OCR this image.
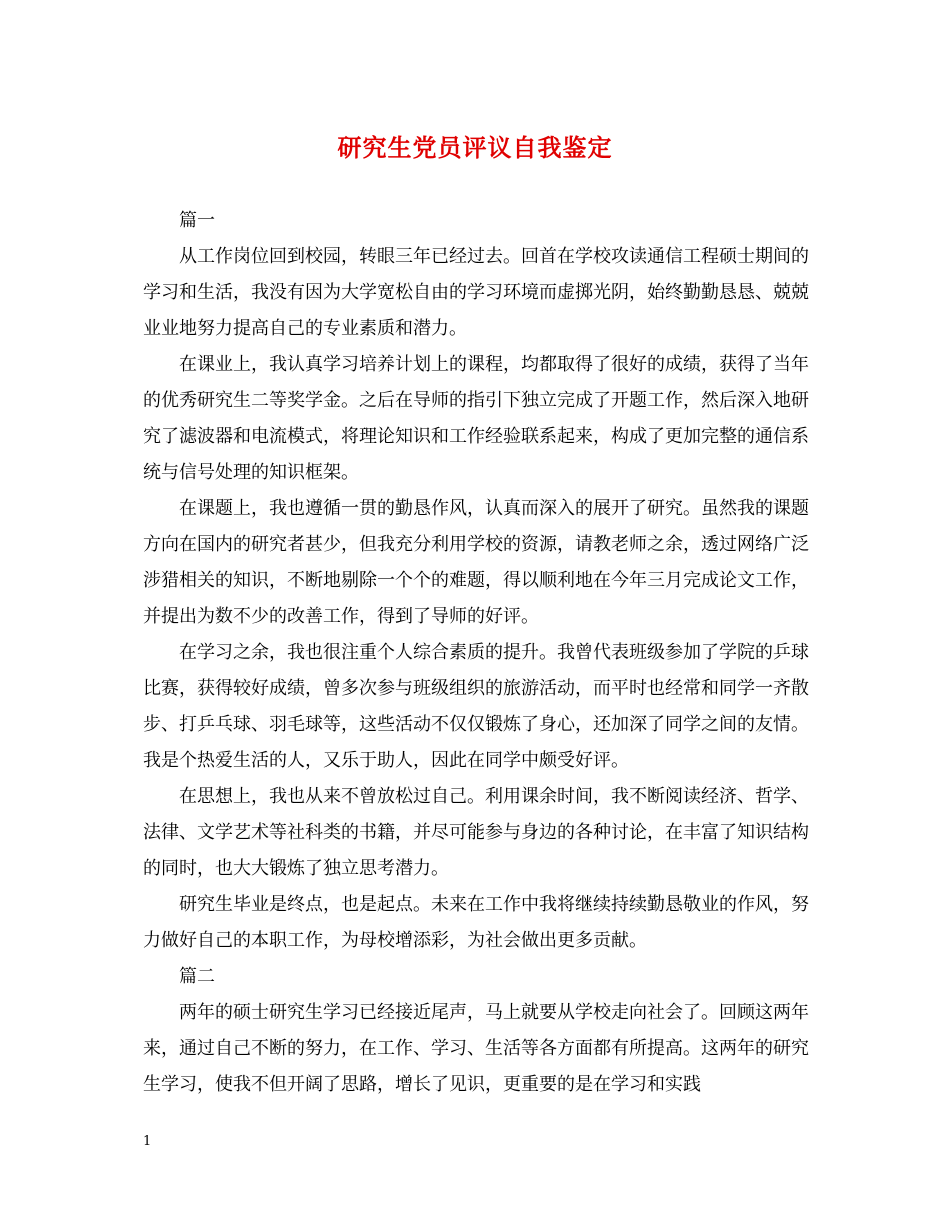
研究生党员评议自我鉴定

篇一

从工作岗位回到校园，转眼三年已经过去。回首在学校攻读通信工程硕士期间的学习和生活，我没有因为大学宽松自由的学习环境而虚掷光阴，始终勤勤恳恳、兢兢业业地努力提高自己的专业素质和潜力。

在课业上，我认真学习培养计划上的课程，均都取得了很好的成绩，获得了当年的优秀研究生二等奖学金。之后在导师的指引下独立完成了开题工作，然后深入地研究了滤波器和电流模式，将理论知识和工作经验联系起来，构成了更加完整的通信系统与信号处理的知识框架。

在课题上，我也遵循一贯的勤恳作风，认真而深入的展开了研究。虽然我的课题方向在国内的研究者甚少，但我充分利用学校的资源，请教老师之余，透过网络广泛涉猎相关的知识，不断地剔除一个个的难题，得以顺利地在今年三月完成论文工作，并提出为数不少的改善工作，得到了导师的好评。

在学习之余，我也很注重个人综合素质的提升。我曾代表班级参加了学院的乒球比赛，获得较好成绩，曾多次参与班级组织的旅游活动，而平时也经常和同学一齐散步、打乒乓球、羽毛球等，这些活动不仅仅锻炼了身心，还加深了同学之间的友情。我是个热爱生活的人，又乐于助人，因此在同学中颇受好评。

在思想上，我也从来不曾放松过自己。利用课余时间，我不断阅读经济、哲学、法律、文学艺术等社科类的书籍，并尽可能参与身边的各种讨论，在丰富了知识结构的同时，也大大锻炼了独立思考潜力。

研究生毕业是终点，也是起点。未来在工作中我将继续持续勤恳敬业的作风，努力做好自己的本职工作，为母校增添彩，为社会做出更多贡献。

篇二

两年的硕士研究生学习已经接近尾声，马上就要从学校走向社会了。回顾这两年来，通过自己不断的努力，在工作、学习、生活等各方面都有所提高。这两年的研究生学习，使我不但开阔了思路，增长了见识，更重要的是在学习和实践

1
